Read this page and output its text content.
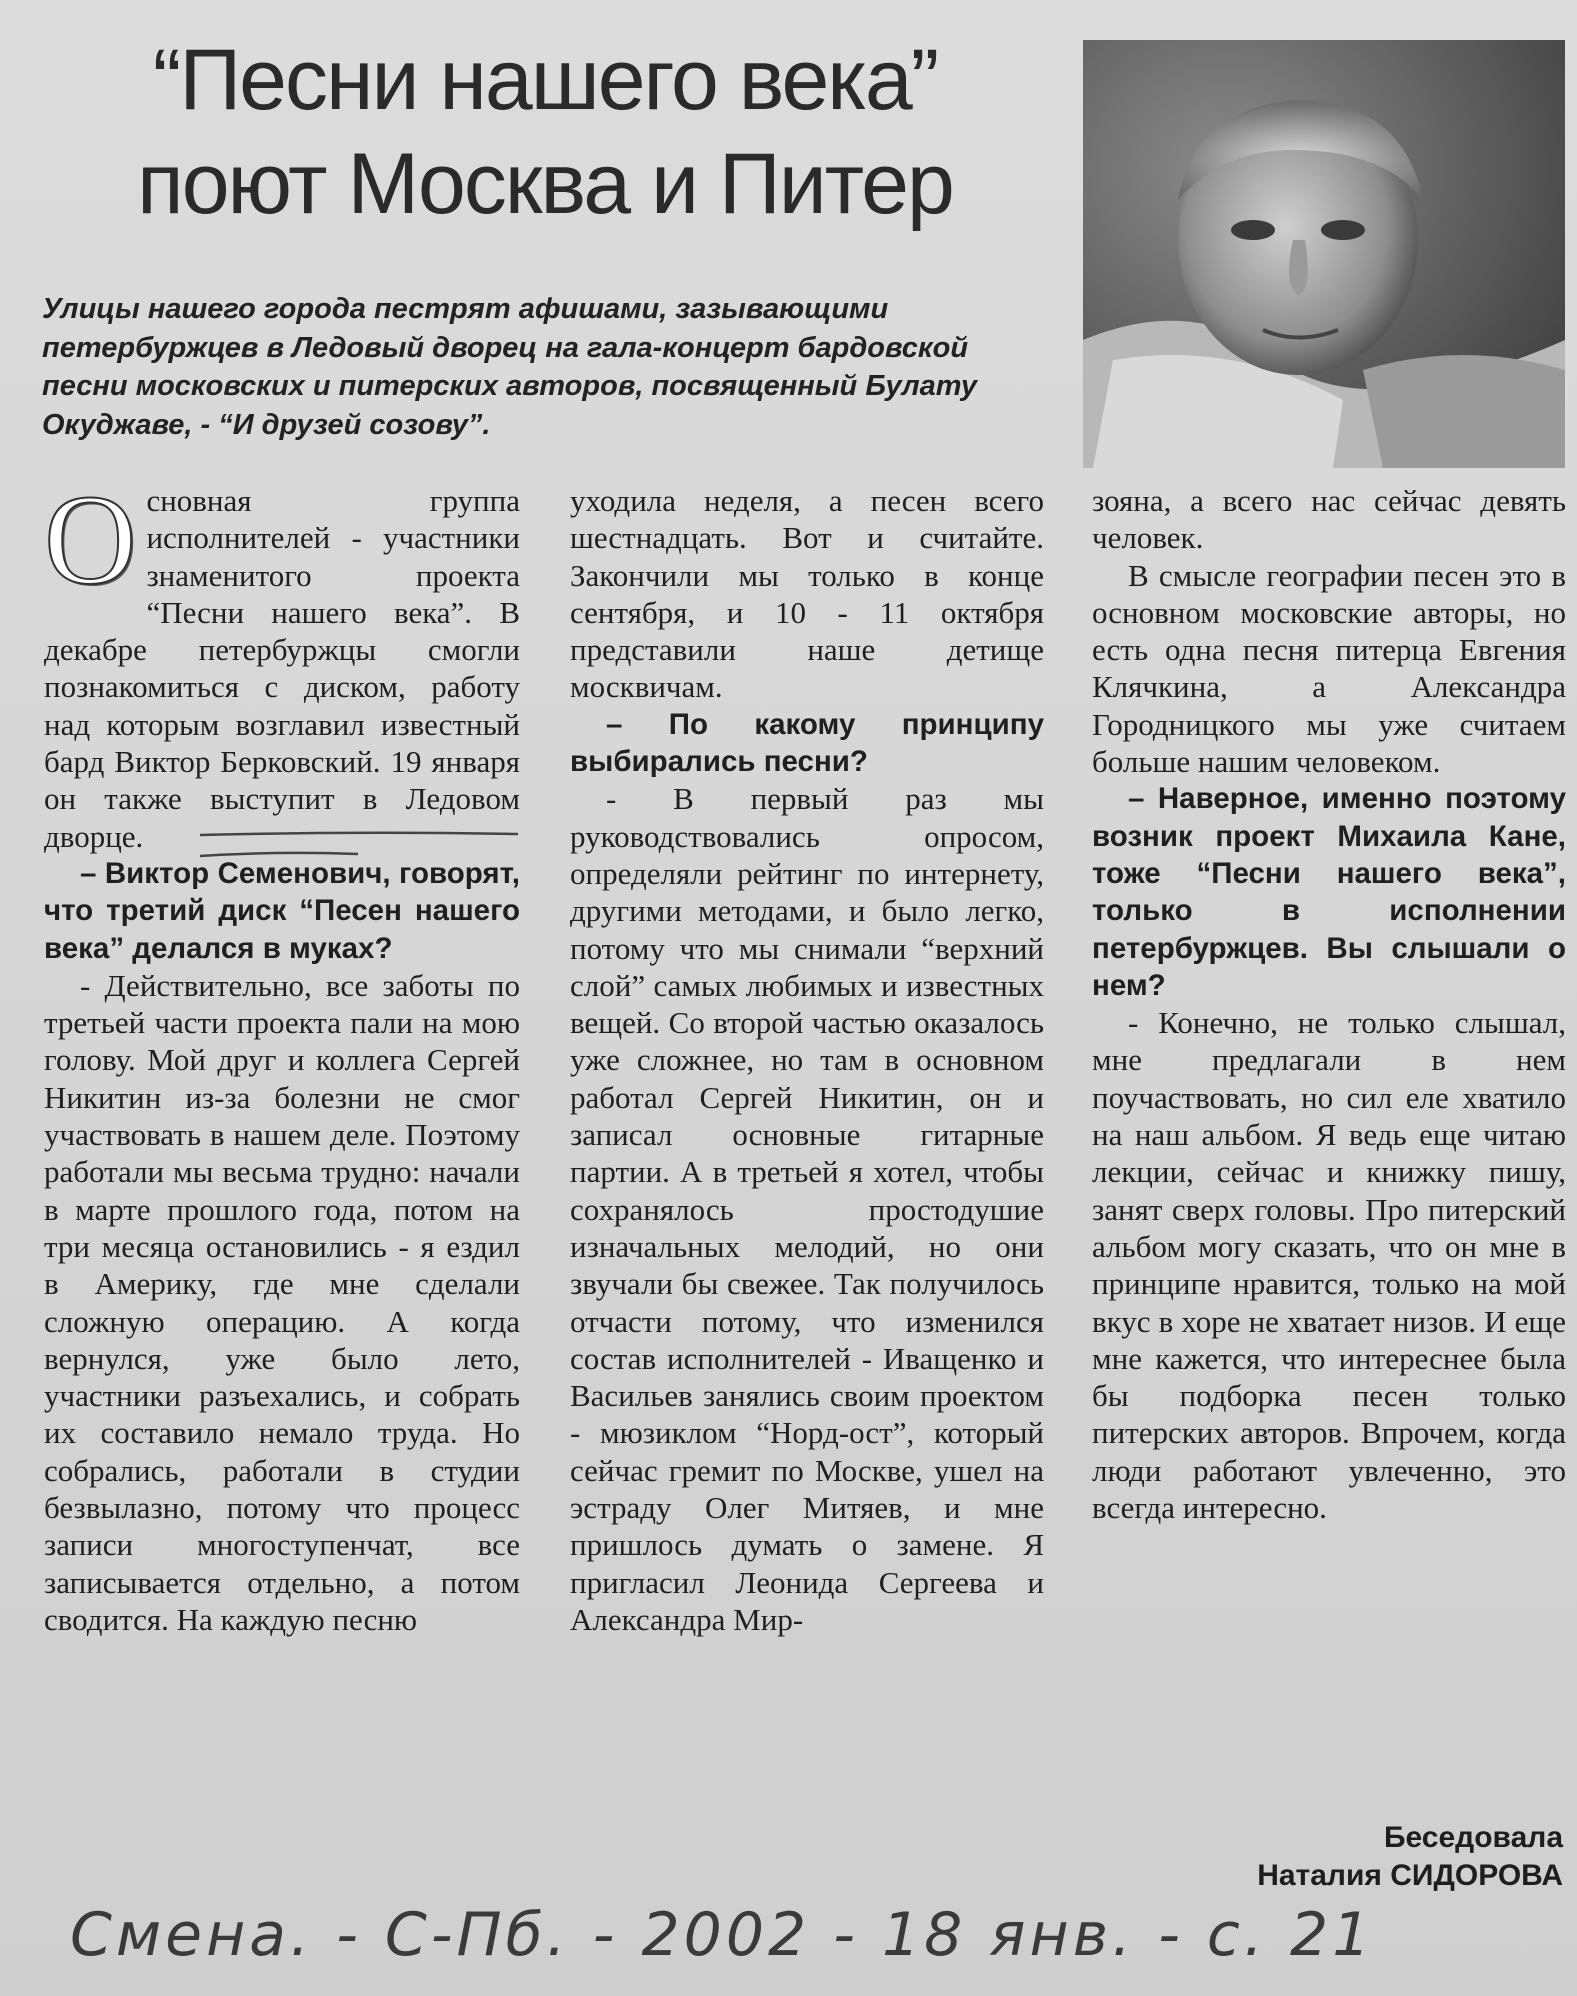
“Песни нашего века”
поют Москва и Питер
Улицы нашего города пестрят афишами, зазывающими петербуржцев в Ледовый дворец на гала-концерт бардовской песни московских и питерских авторов, посвященный Булату Окуджаве, - “И друзей созову”.

Основная группа исполнителей - участники знаменитого проекта “Песни нашего века”. В декабре петербуржцы смогли познакомиться с диском, работу над которым возглавил известный бард Виктор Берковский. 19 января он также выступит в Ледовом дворце.

– Виктор Семенович, говорят, что третий диск “Песен нашего века” делался в муках?

- Действительно, все заботы по третьей части проекта пали на мою голову. Мой друг и коллега Сергей Никитин из-за болезни не смог участвовать в нашем деле. Поэтому работали мы весьма трудно: начали в марте прошлого года, потом на три месяца остановились - я ездил в Америку, где мне сделали сложную операцию. А когда вернулся, уже было лето, участники разъехались, и собрать их составило немало труда. Но собрались, работали в студии безвылазно, потому что процесс записи многоступенчат, все записывается отдельно, а потом сводится. На каждую песню

уходила неделя, а песен всего шестнадцать. Вот и считайте. Закончили мы только в конце сентября, и 10 - 11 октября представили наше детище москвичам.

– По какому принципу выбирались песни?

- В первый раз мы руководствовались опросом, определяли рейтинг по интернету, другими методами, и было легко, потому что мы снимали “верхний слой” самых любимых и известных вещей. Со второй частью оказалось уже сложнее, но там в основном работал Сергей Никитин, он и записал основные гитарные партии. А в третьей я хотел, чтобы сохранялось простодушие изначальных мелодий, но они звучали бы свежее. Так получилось отчасти потому, что изменился состав исполнителей - Иващенко и Васильев занялись своим проектом - мюзиклом “Норд-ост”, который сейчас гремит по Москве, ушел на эстраду Олег Митяев, и мне пришлось думать о замене. Я пригласил Леонида Сергеева и Александра Мир-

зояна, а всего нас сейчас девять человек.

В смысле географии песен это в основном московские авторы, но есть одна песня питерца Евгения Клячкина, а Александра Городницкого мы уже считаем больше нашим человеком.

– Наверное, именно поэтому возник проект Михаила Кане, тоже “Песни нашего века”, только в исполнении петербуржцев. Вы слышали о нем?

- Конечно, не только слышал, мне предлагали в нем поучаствовать, но сил еле хватило на наш альбом. Я ведь еще читаю лекции, сейчас и книжку пишу, занят сверх головы. Про питерский альбом могу сказать, что он мне в принципе нравится, только на мой вкус в хоре не хватает низов. И еще мне кажется, что интереснее была бы подборка песен только питерских авторов. Впрочем, когда люди работают увлеченно, это всегда интересно.

Беседовала
Наталия СИДОРОВА
Смена. - С-Пб. - 2002 - 18 янв. - с. 21
